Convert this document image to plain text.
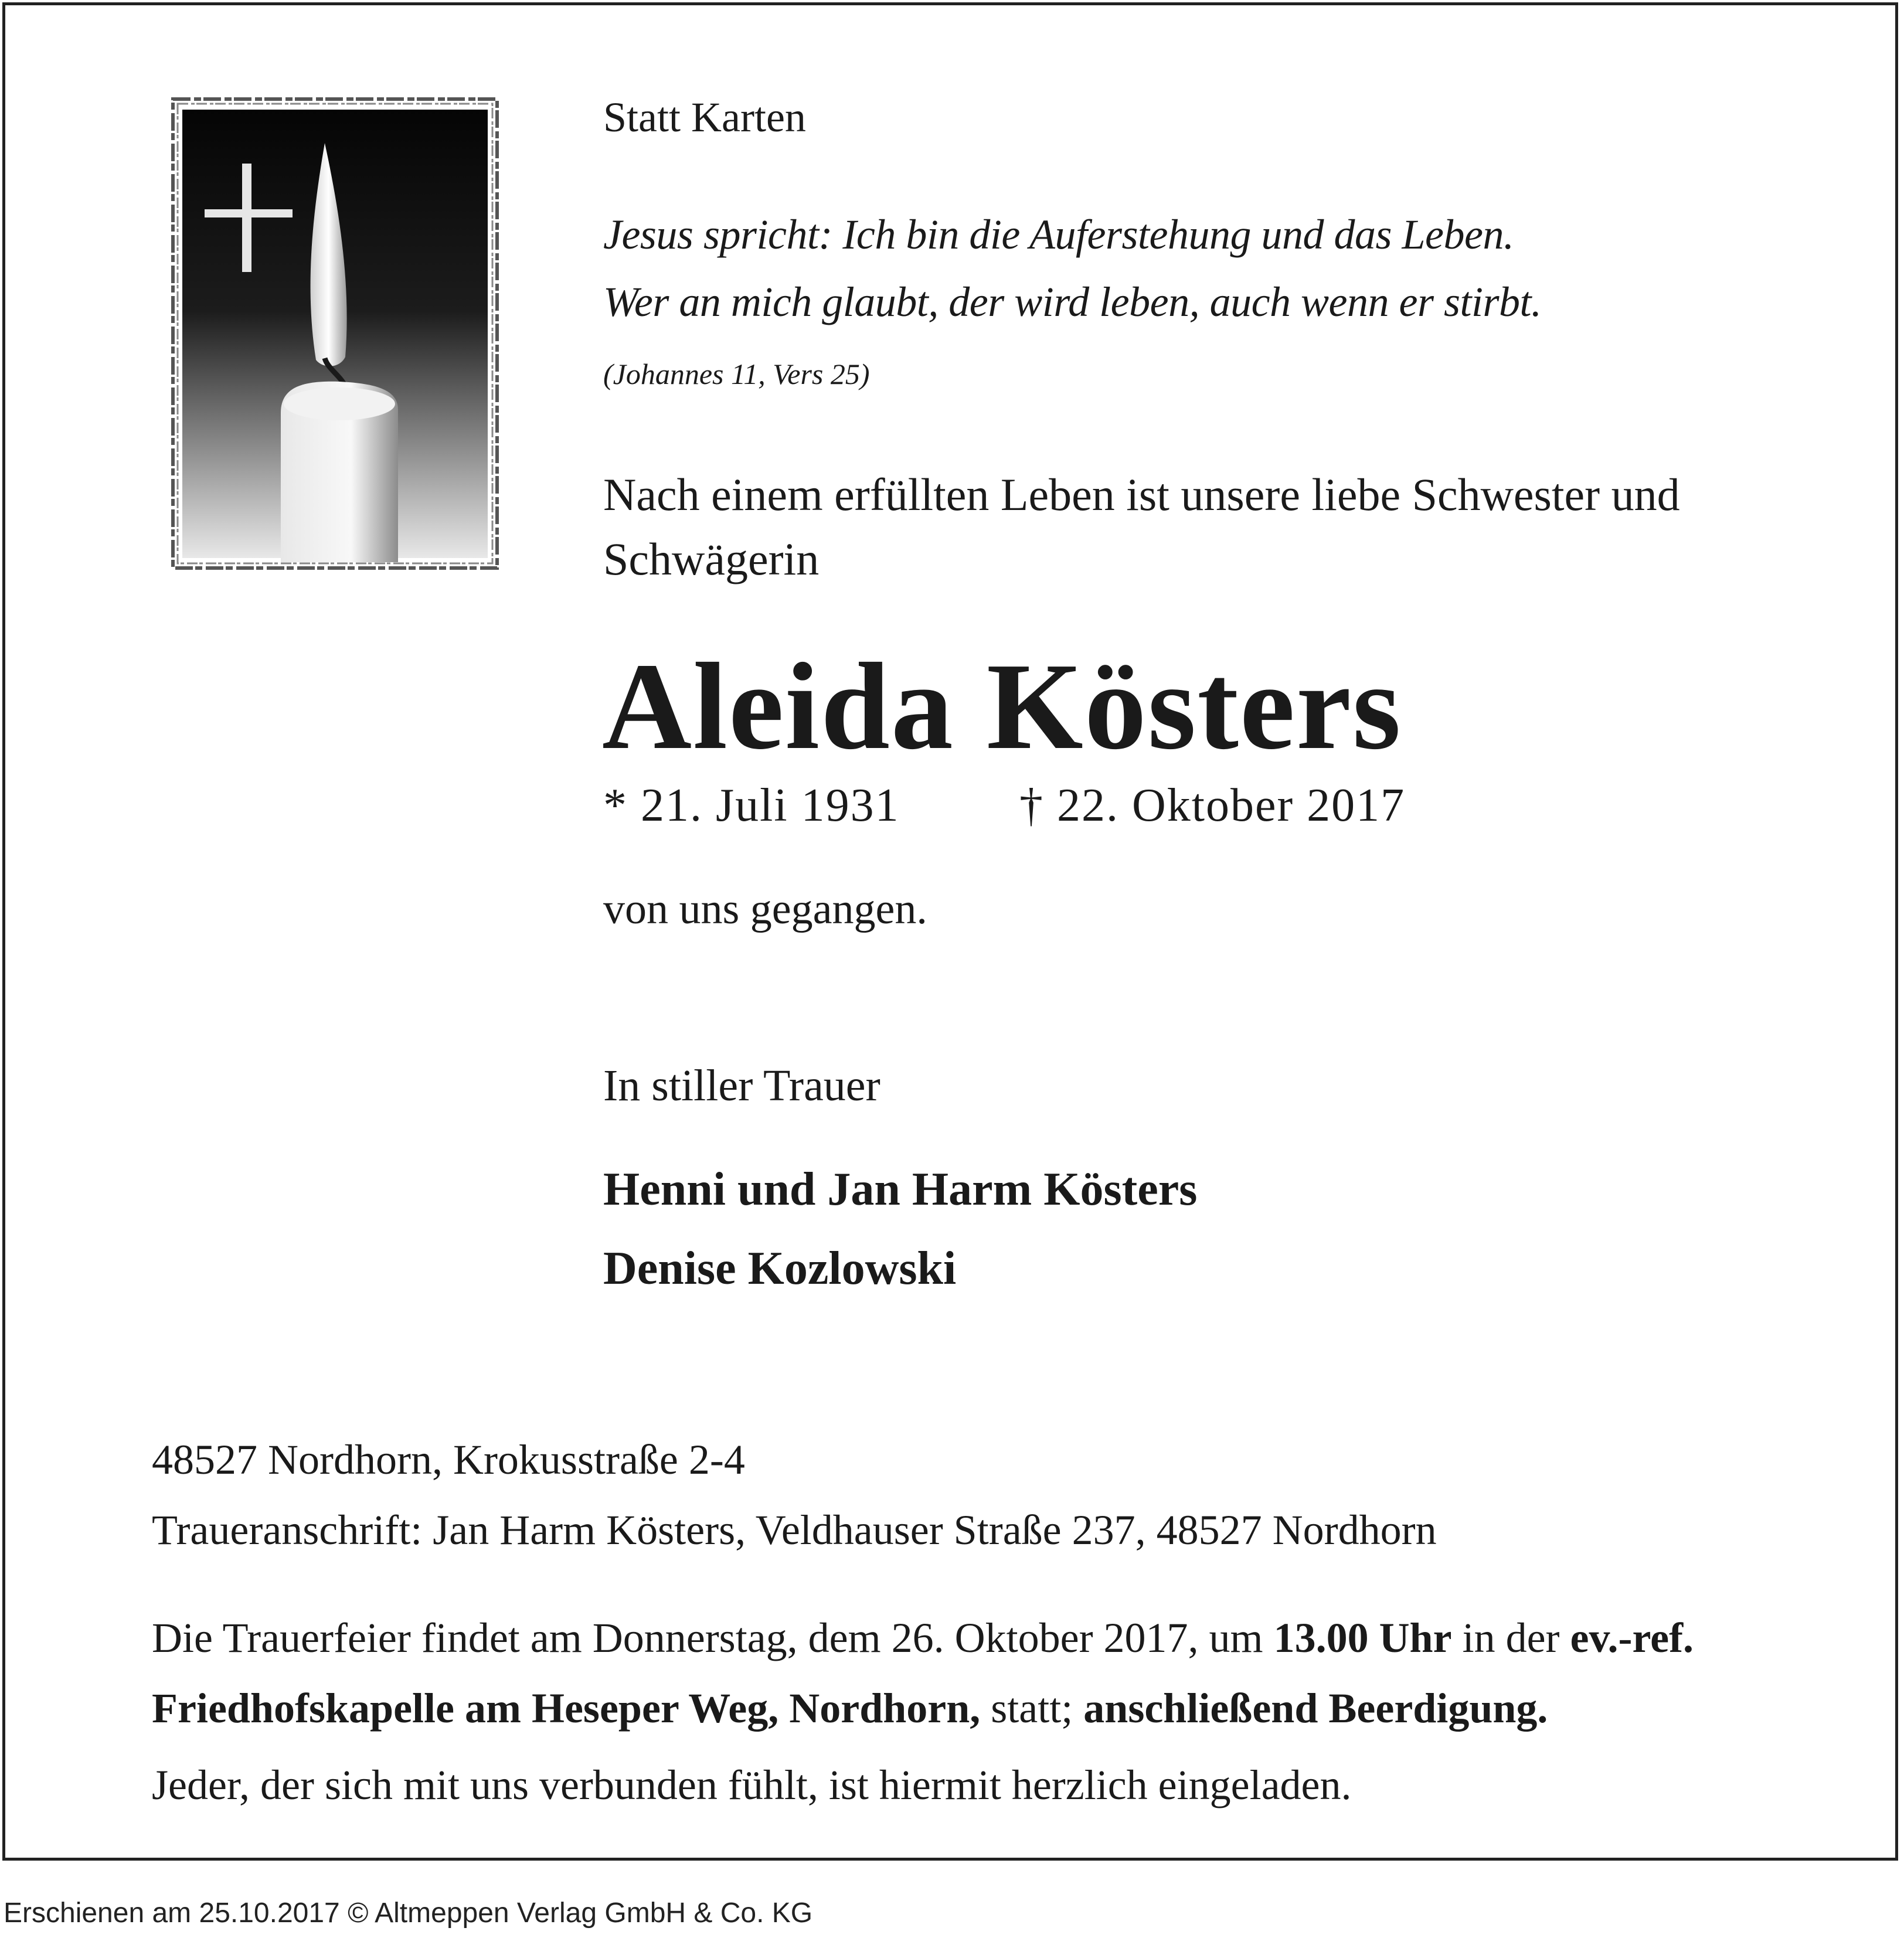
Statt Karten
Jesus spricht: Ich bin die Auferstehung und das Leben.
Wer an mich glaubt, der wird leben, auch wenn er stirbt.
(Johannes 11, Vers 25)
Nach einem erfüllten Leben ist unsere liebe Schwester und
Schwägerin
Aleida Kösters
* 21. Juli 1931	† 22. Oktober 2017
von uns gegangen.
In stiller Trauer
Henni und Jan Harm Kösters
Denise Kozlowski
48527 Nordhorn, Krokusstraße 2-4
Traueranschrift: Jan Harm Kösters, Veldhauser Straße 237, 48527 Nordhorn
Die Trauerfeier findet am Donnerstag, dem 26. Oktober 2017, um 13.00 Uhr in der ev.-ref. Friedhofskapelle am Heseper Weg, Nordhorn, statt; anschließend Beerdigung.
Jeder, der sich mit uns verbunden fühlt, ist hiermit herzlich eingeladen.
Erschienen am 25.10.2017 © Altmeppen Verlag GmbH & Co. KG
